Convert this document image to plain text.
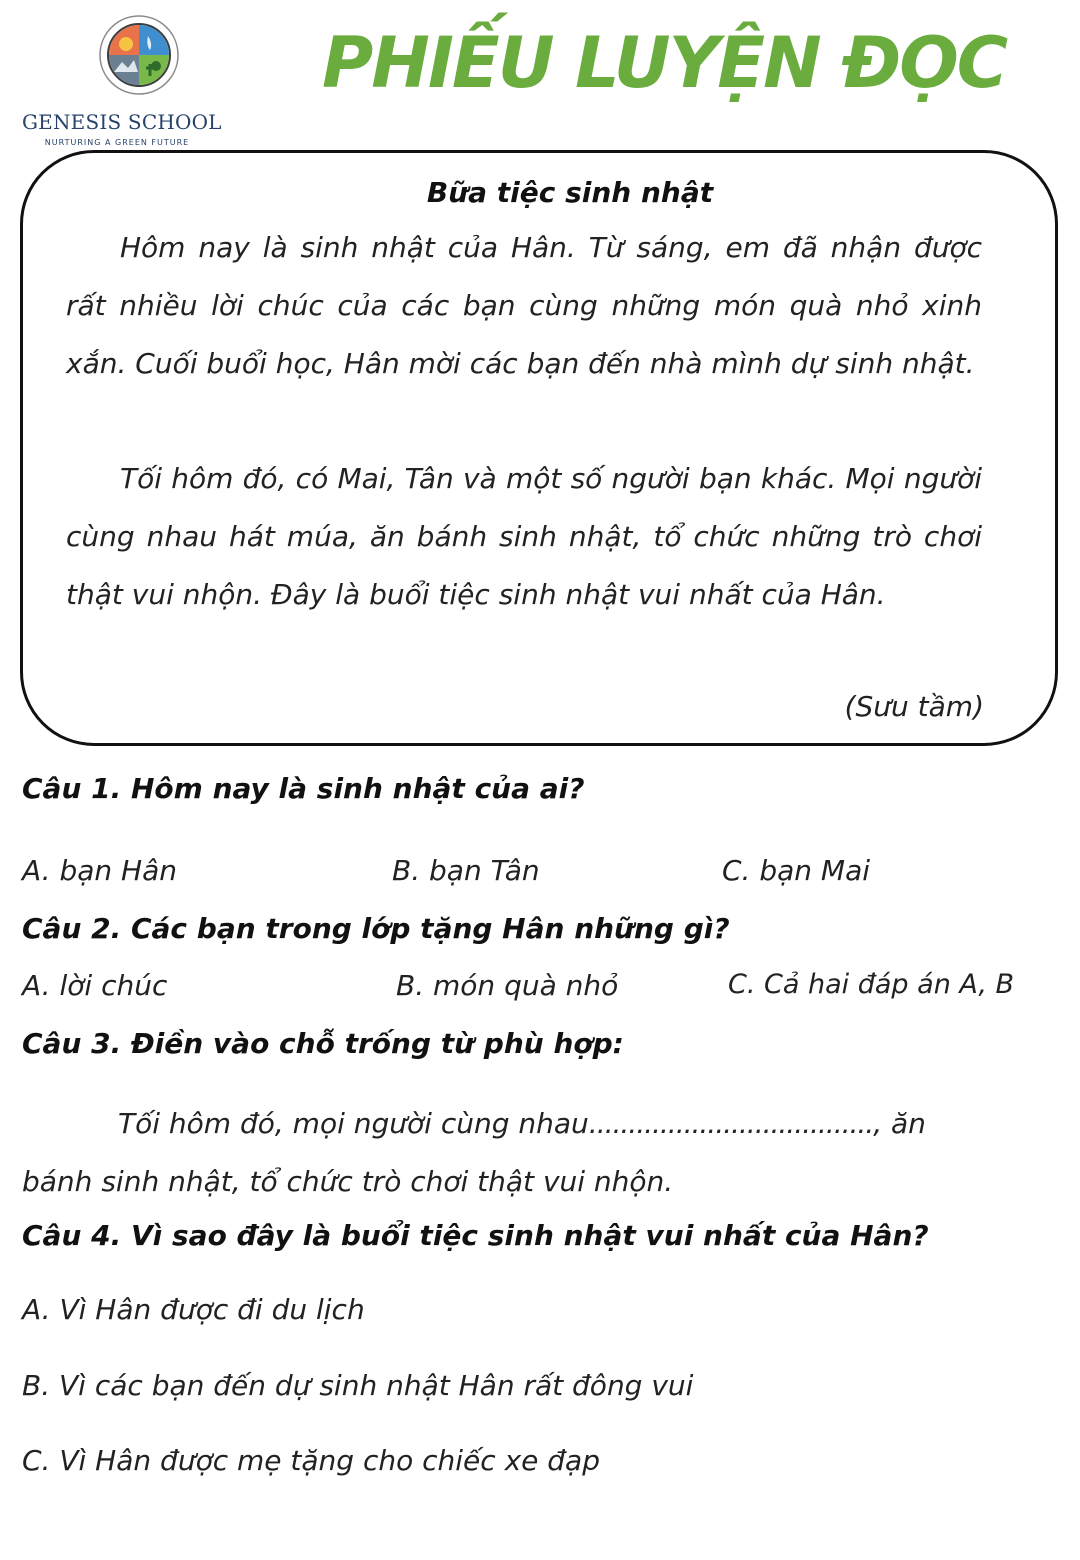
GENESIS SCHOOL
NURTURING A GREEN FUTURE
PHIẾU LUYỆN ĐỌC
Bữa tiệc sinh nhật

Hôm nay là sinh nhật của Hân. Từ sáng, em đã nhận được rất nhiều lời chúc của các bạn cùng những món quà nhỏ xinh xắn. Cuối buổi học, Hân mời các bạn đến nhà mình dự sinh nhật.

Tối hôm đó, có Mai, Tân và một số người bạn khác. Mọi người cùng nhau hát múa, ăn bánh sinh nhật, tổ chức những trò chơi thật vui nhộn. Đây là buổi tiệc sinh nhật vui nhất của Hân.

(Sưu tầm)
Câu 1. Hôm nay là sinh nhật của ai?
A. bạn Hân	B. bạn Tân	C. bạn Mai
Câu 2. Các bạn trong lớp tặng Hân những gì?
A. lời chúc	B. món quà nhỏ	C. Cả hai đáp án A, B
Câu 3. Điền vào chỗ trống từ phù hợp:

Tối hôm đó, mọi người cùng nhau...................................., ăn bánh sinh nhật, tổ chức trò chơi thật vui nhộn.

Câu 4. Vì sao đây là buổi tiệc sinh nhật vui nhất của Hân?
A. Vì Hân được đi du lịch
B. Vì các bạn đến dự sinh nhật Hân rất đông vui
C. Vì Hân được mẹ tặng cho chiếc xe đạp
